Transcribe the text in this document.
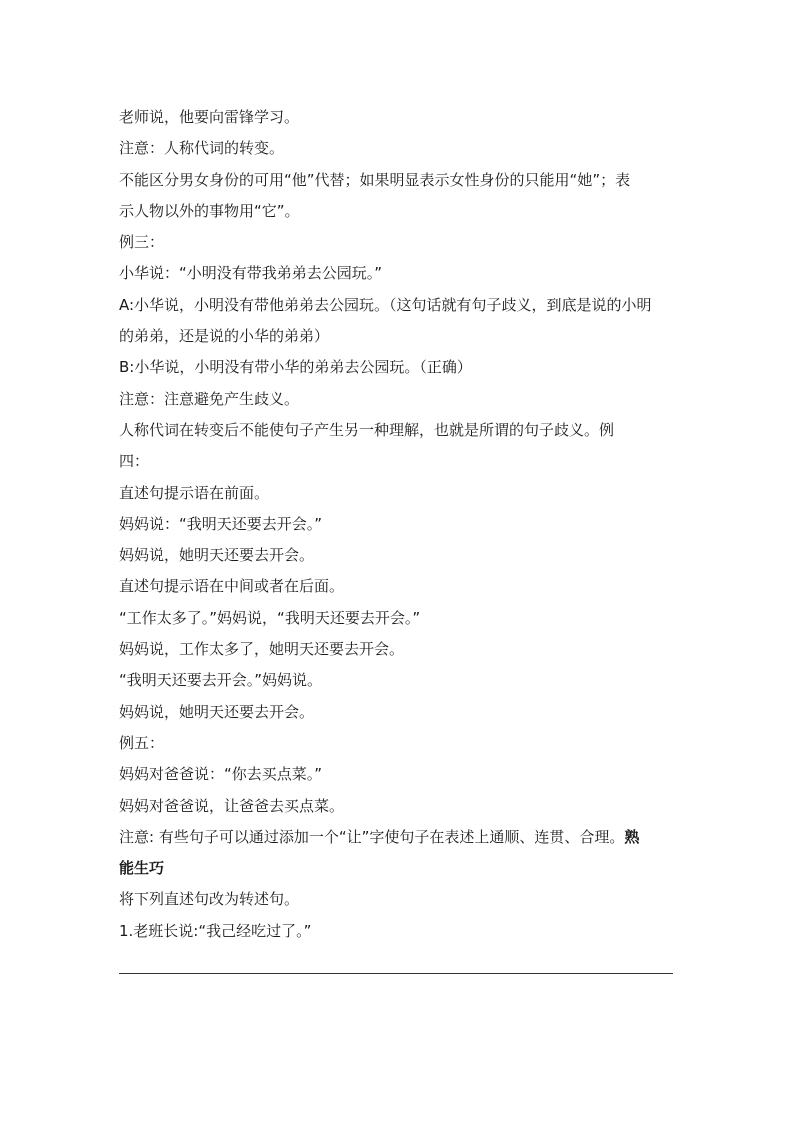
老师说，他要向雷锋学习。
注意：人称代词的转变。
不能区分男女身份的可用“他”代替；如果明显表示女性身份的只能用“她”；表
示人物以外的事物用“它”。
例三：
小华说：“小明没有带我弟弟去公园玩。”
A:小华说，小明没有带他弟弟去公园玩。（这句话就有句子歧义，到底是说的小明
的弟弟，还是说的小华的弟弟）
B:小华说，小明没有带小华的弟弟去公园玩。（正确）
注意：注意避免产生歧义。
人称代词在转变后不能使句子产生另一种理解，也就是所谓的句子歧义。例
四：
直述句提示语在前面。
妈妈说：“我明天还要去开会。”
妈妈说，她明天还要去开会。
直述句提示语在中间或者在后面。
“工作太多了。”妈妈说，“我明天还要去开会。”
妈妈说，工作太多了，她明天还要去开会。
“我明天还要去开会。”妈妈说。
妈妈说，她明天还要去开会。
例五：
妈妈对爸爸说：“你去买点菜。”
妈妈对爸爸说，让爸爸去买点菜。
注意: 有些句子可以通过添加一个“让”字使句子在表述上通顺、连贯、合理。熟
能生巧
将下列直述句改为转述句。
1.老班长说:“我己经吃过了。”
